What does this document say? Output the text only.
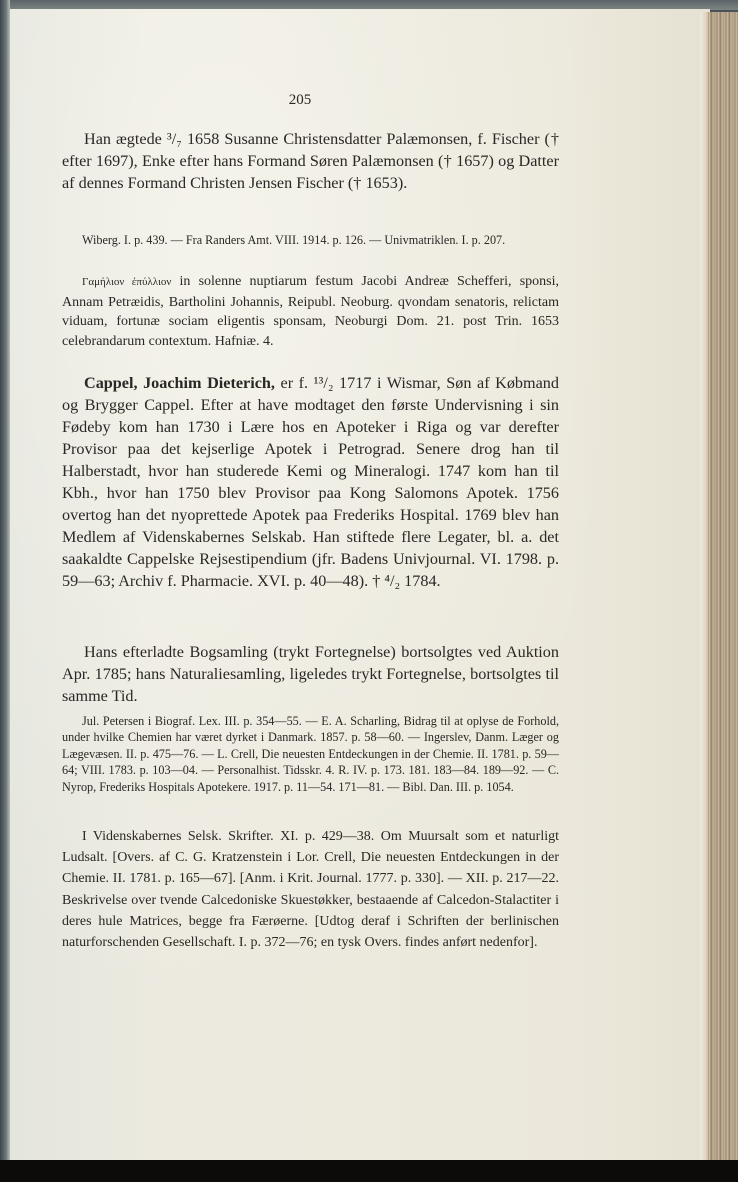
205

Han ægtede ³/₇ 1658 Susanne Christensdatter Palæmonsen, f. Fischer († efter 1697), Enke efter hans Formand Søren Palæmonsen († 1657) og Datter af dennes Formand Christen Jensen Fischer († 1653).

Wiberg. I. p. 439. — Fra Randers Amt. VIII. 1914. p. 126. — Univmatriklen. I. p. 207.

Γαμήλιον ἐπύλλιον in solenne nuptiarum festum Jacobi Andreæ Schefferi, sponsi, Annam Petræidis, Bartholini Johannis, Reipubl. Neoburg. qvondam senatoris, relictam viduam, fortunæ sociam eligentis sponsam, Neoburgi Dom. 21. post Trin. 1653 celebrandarum contextum. Hafniæ. 4.

Cappel, Joachim Dieterich, er f. ¹³/₂ 1717 i Wismar, Søn af Købmand og Brygger Cappel. Efter at have modtaget den første Undervisning i sin Fødeby kom han 1730 i Lære hos en Apoteker i Riga og var derefter Provisor paa det kejserlige Apotek i Petrograd. Senere drog han til Halberstadt, hvor han studerede Kemi og Mineralogi. 1747 kom han til Kbh., hvor han 1750 blev Provisor paa Kong Salomons Apotek. 1756 overtog han det nyoprettede Apotek paa Frederiks Hospital. 1769 blev han Medlem af Videnskabernes Selskab. Han stiftede flere Legater, bl. a. det saakaldte Cappelske Rejsestipendium (jfr. Badens Univjournal. VI. 1798. p. 59—63; Archiv f. Pharmacie. XVI. p. 40—48). † ⁴/₂ 1784.

Hans efterladte Bogsamling (trykt Fortegnelse) bortsolgtes ved Auktion Apr. 1785; hans Naturaliesamling, ligeledes trykt Fortegnelse, bortsolgtes til samme Tid.

Jul. Petersen i Biograf. Lex. III. p. 354—55. — E. A. Scharling, Bidrag til at oplyse de Forhold, under hvilke Chemien har været dyrket i Danmark. 1857. p. 58—60. — Ingerslev, Danm. Læger og Lægevæsen. II. p. 475—76. — L. Crell, Die neuesten Entdeckungen in der Chemie. II. 1781. p. 59—64; VIII. 1783. p. 103—04. — Personalhist. Tidsskr. 4. R. IV. p. 173. 181. 183—84. 189—92. — C. Nyrop, Frederiks Hospitals Apotekere. 1917. p. 11—54. 171—81. — Bibl. Dan. III. p. 1054.

I Videnskabernes Selsk. Skrifter. XI. p. 429—38. Om Muursalt som et naturligt Ludsalt. [Overs. af C. G. Kratzenstein i Lor. Crell, Die neuesten Entdeckungen in der Chemie. II. 1781. p. 165—67]. [Anm. i Krit. Journal. 1777. p. 330]. — XII. p. 217—22. Beskrivelse over tvende Calcedoniske Skuestøkker, bestaaende af Calcedon-Stalactiter i deres hule Matrices, begge fra Færøerne. [Udtog deraf i Schriften der berlinischen naturforschenden Gesellschaft. I. p. 372—76; en tysk Overs. findes anført nedenfor].
